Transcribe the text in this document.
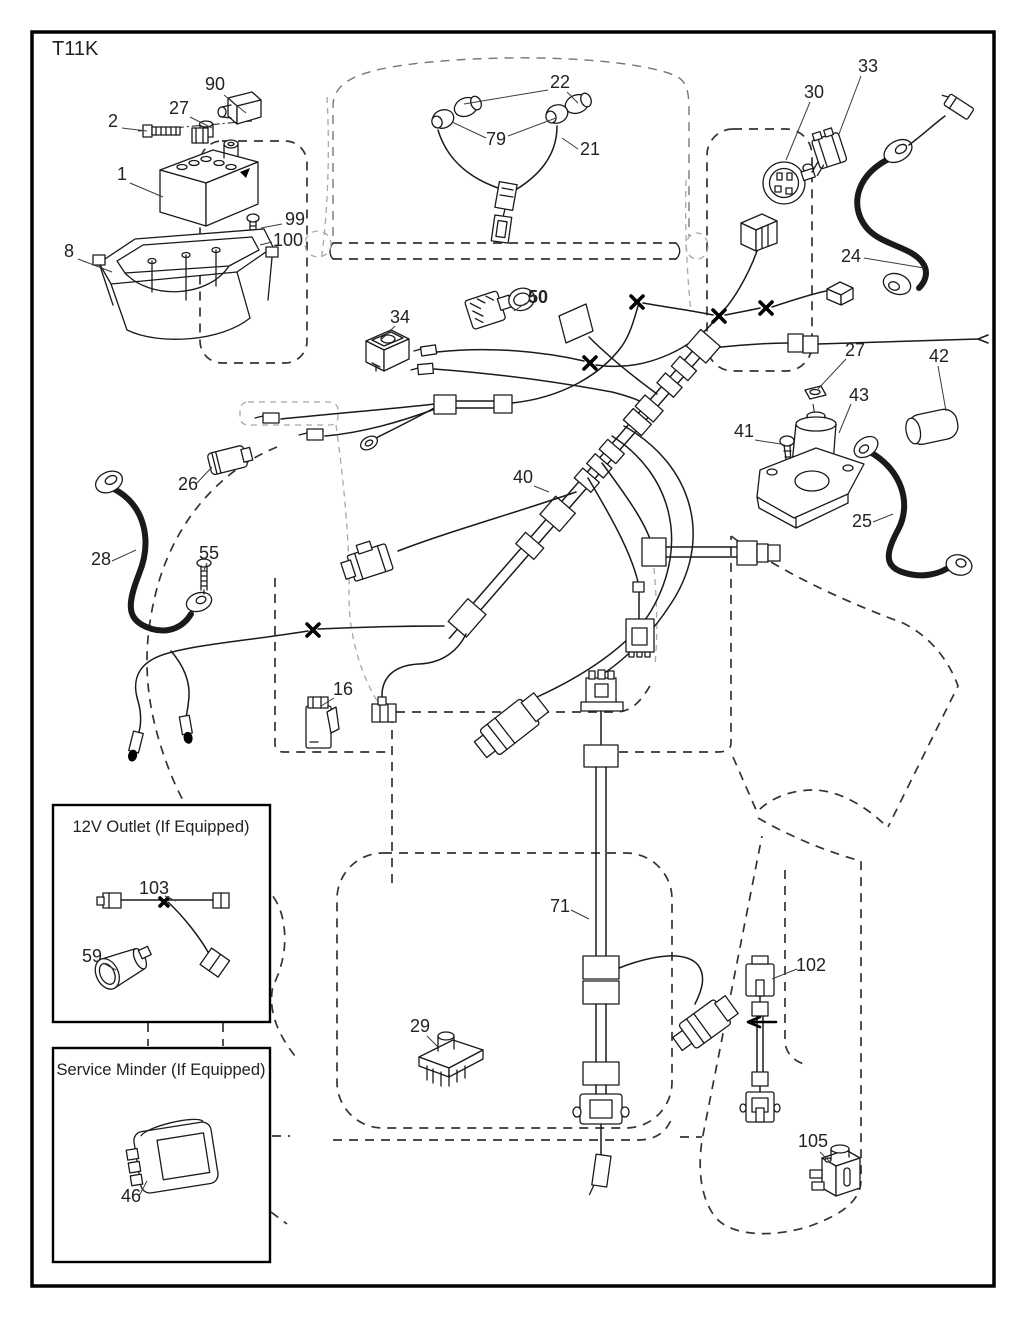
T11K
12V Outlet (If Equipped)
Service Minder (If Equipped)
90
27
2
1
99
100
8
22
79	21
30
33
24
34
50
40
27	42
43
41
25
26
28	55
16
29
71
102
105
103
59
46
